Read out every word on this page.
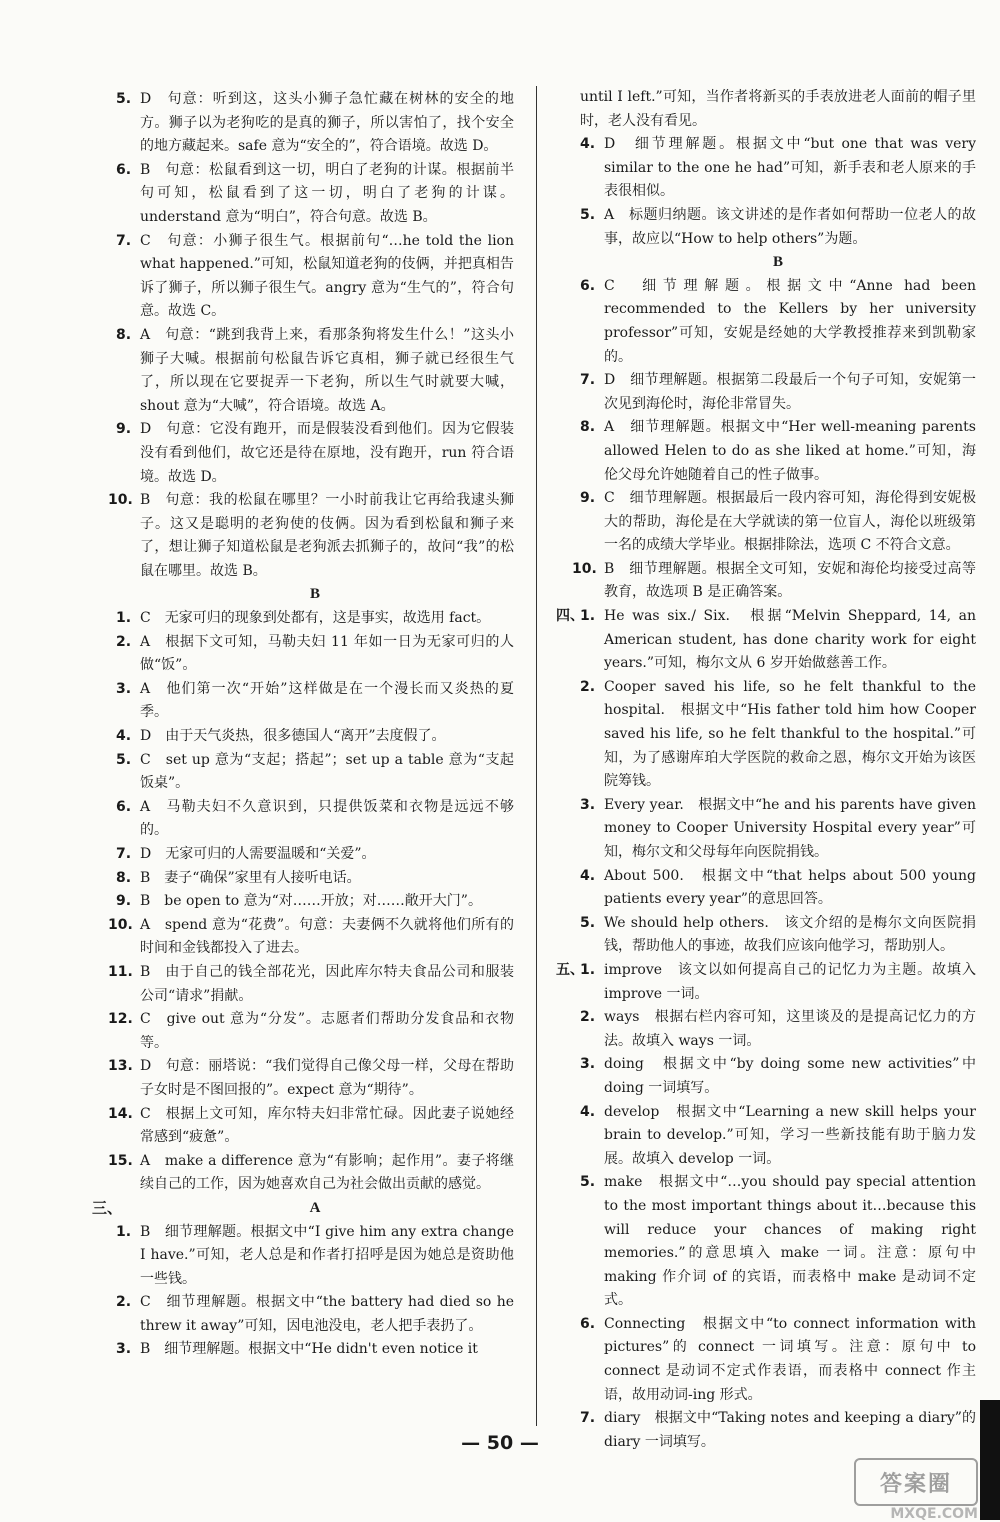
5. D　句意：听到这，这头小狮子急忙藏在树林的安全的地方。狮子以为老狗吃的是真的狮子，所以害怕了，找个安全的地方藏起来。safe 意为“安全的”，符合语境。故选 D。
6. B　句意：松鼠看到这一切，明白了老狗的计谋。根据前半句可知，松鼠看到了这一切，明白了老狗的计谋。understand 意为“明白”，符合句意。故选 B。
7. C　句意：小狮子很生气。根据前句“…he told the lion what happened.”可知，松鼠知道老狗的伎俩，并把真相告诉了狮子，所以狮子很生气。angry 意为“生气的”，符合句意。故选 C。
8. A　句意：“跳到我背上来，看那条狗将发生什么！”这头小狮子大喊。根据前句松鼠告诉它真相，狮子就已经很生气了，所以现在它要捉弄一下老狗，所以生气时就要大喊，shout 意为“大喊”，符合语境。故选 A。
9. D　句意：它没有跑开，而是假装没看到他们。因为它假装没有看到他们，故它还是待在原地，没有跑开，run 符合语境。故选 D。
10. B　句意：我的松鼠在哪里？一小时前我让它再给我逮头狮子。这又是聪明的老狗使的伎俩。因为看到松鼠和狮子来了，想让狮子知道松鼠是老狗派去抓狮子的，故问“我”的松鼠在哪里。故选 B。
B
1. C　无家可归的现象到处都有，这是事实，故选用 fact。
2. A　根据下文可知，马勒夫妇 11 年如一日为无家可归的人做“饭”。
3. A　他们第一次“开始”这样做是在一个漫长而又炎热的夏季。
4. D　由于天气炎热，很多德国人“离开”去度假了。
5. C　set up 意为“支起；搭起”；set up a table 意为“支起饭桌”。
6. A　马勒夫妇不久意识到，只提供饭菜和衣物是远远不够的。
7. D　无家可归的人需要温暖和“关爱”。
8. B　妻子“确保”家里有人接听电话。
9. B　be open to 意为“对……开放；对……敞开大门”。
10. A　spend 意为“花费”。句意：夫妻俩不久就将他们所有的时间和金钱都投入了进去。
11. B　由于自己的钱全部花光，因此库尔特夫食品公司和服装公司“请求”捐献。
12. C　give out 意为“分发”。志愿者们帮助分发食品和衣物等。
13. D　句意：丽塔说：“我们觉得自己像父母一样，父母在帮助子女时是不图回报的”。expect 意为“期待”。
14. C　根据上文可知，库尔特夫妇非常忙碌。因此妻子说她经常感到“疲惫”。
15. A　make a difference 意为“有影响；起作用”。妻子将继续自己的工作，因为她喜欢自己为社会做出贡献的感觉。
三、	A
1. B　细节理解题。根据文中“I give him any extra change I have.”可知，老人总是和作者打招呼是因为她总是资助他一些钱。
2. C　细节理解题。根据文中“the battery had died so he threw it away”可知，因电池没电，老人把手表扔了。
3. B　细节理解题。根据文中“He didn't even notice it
until I left.”可知，当作者将新买的手表放进老人面前的帽子里时，老人没有看见。
4. D　细节理解题。根据文中“but one that was very similar to the one he had”可知，新手表和老人原来的手表很相似。
5. A　标题归纳题。该文讲述的是作者如何帮助一位老人的故事，故应以“How to help others”为题。
B
6. C　细节理解题。根据文中“Anne had been recommended to the Kellers by her university professor”可知，安妮是经她的大学教授推荐来到凯勒家的。
7. D　细节理解题。根据第二段最后一个句子可知，安妮第一次见到海伦时，海伦非常冒失。
8. A　细节理解题。根据文中“Her well-meaning parents allowed Helen to do as she liked at home.”可知，海伦父母允许她随着自己的性子做事。
9. C　细节理解题。根据最后一段内容可知，海伦得到安妮极大的帮助，海伦是在大学就读的第一位盲人，海伦以班级第一名的成绩大学毕业。根据排除法，选项 C 不符合文意。
10. B　细节理解题。根据全文可知，安妮和海伦均接受过高等教育，故选项 B 是正确答案。
四、
1. He was six./ Six.　根据“Melvin Sheppard, 14, an American student, has done charity work for eight years.”可知，梅尔文从 6 岁开始做慈善工作。
2. Cooper saved his life, so he felt thankful to the hospital.　根据文中“His father told him how Cooper saved his life, so he felt thankful to the hospital.”可知，为了感谢库珀大学医院的救命之恩，梅尔文开始为该医院筹钱。
3. Every year.　根据文中“he and his parents have given money to Cooper University Hospital every year”可知，梅尔文和父母每年向医院捐钱。
4. About 500.　根据文中“that helps about 500 young patients every year”的意思回答。
5. We should help others.　该文介绍的是梅尔文向医院捐钱，帮助他人的事迹，故我们应该向他学习，帮助别人。
五、
1. improve　该文以如何提高自己的记忆力为主题。故填入 improve 一词。
2. ways　根据右栏内容可知，这里谈及的是提高记忆力的方法。故填入 ways 一词。
3. doing　根据文中“by doing some new activities”中 doing 一词填写。
4. develop　根据文中“Learning a new skill helps your brain to develop.”可知，学习一些新技能有助于脑力发展。故填入 develop 一词。
5. make　根据文中“…you should pay special attention to the most important things about it…because this will reduce your chances of making right memories.”的意思填入 make 一词。注意：原句中 making 作介词 of 的宾语，而表格中 make 是动词不定式。
6. Connecting　根据文中“to connect information with pictures”的 connect 一词填写。注意：原句中 to connect 是动词不定式作表语，而表格中 connect 作主语，故用动词-ing 形式。
7. diary　根据文中“Taking notes and keeping a diary”的 diary 一词填写。
— 50 —
答案圈
MXQE.COM
